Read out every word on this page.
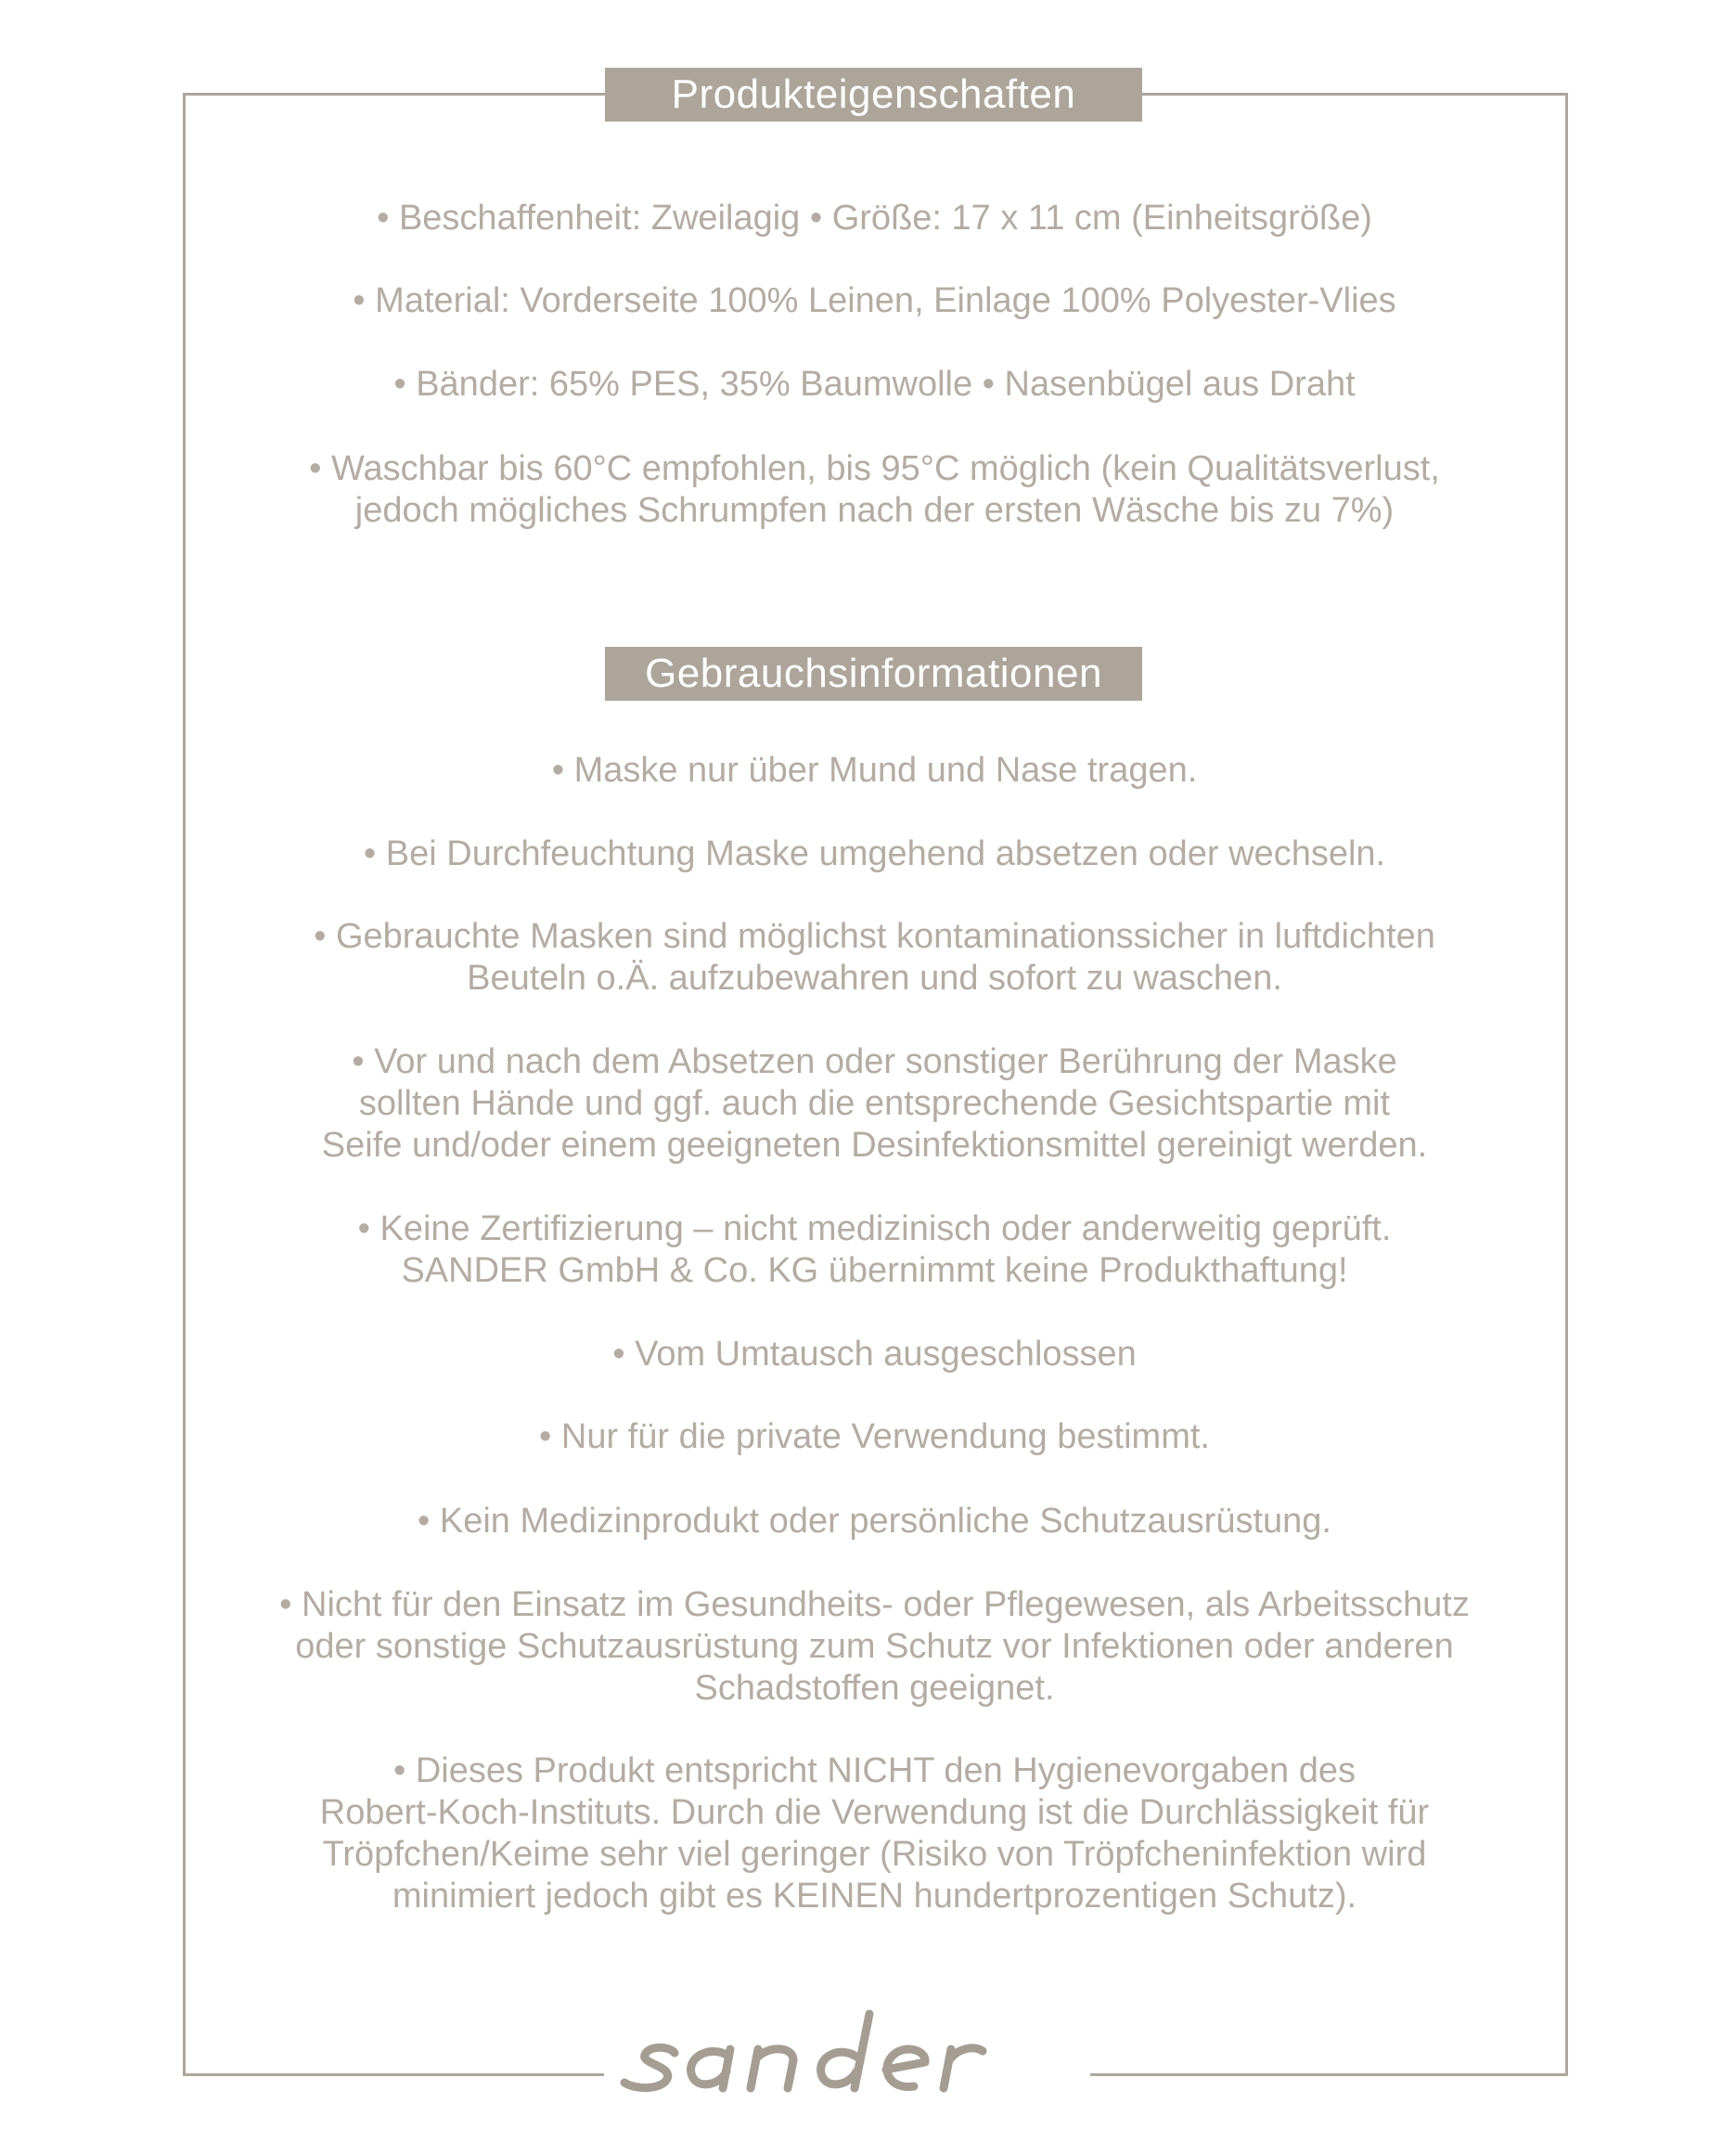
Produkteigenschaften

• Beschaffenheit: Zweilagig • Größe: 17 x 11 cm (Einheitsgröße)

• Material: Vorderseite 100% Leinen, Einlage 100% Polyester-Vlies

• Bänder: 65% PES, 35% Baumwolle • Nasenbügel aus Draht

• Waschbar bis 60°C empfohlen, bis 95°C möglich (kein Qualitätsverlust,
jedoch mögliches Schrumpfen nach der ersten Wäsche bis zu 7%)

Gebrauchsinformationen

• Maske nur über Mund und Nase tragen.

• Bei Durchfeuchtung Maske umgehend absetzen oder wechseln.

• Gebrauchte Masken sind möglichst kontaminationssicher in luftdichten
Beuteln o.Ä. aufzubewahren und sofort zu waschen.

• Vor und nach dem Absetzen oder sonstiger Berührung der Maske
sollten Hände und ggf. auch die entsprechende Gesichtspartie mit
Seife und/oder einem geeigneten Desinfektionsmittel gereinigt werden.

• Keine Zertifizierung – nicht medizinisch oder anderweitig geprüft.
SANDER GmbH & Co. KG übernimmt keine Produkthaftung!

• Vom Umtausch ausgeschlossen

• Nur für die private Verwendung bestimmt.

• Kein Medizinprodukt oder persönliche Schutzausrüstung.

• Nicht für den Einsatz im Gesundheits- oder Pflegewesen, als Arbeitsschutz
oder sonstige Schutzausrüstung zum Schutz vor Infektionen oder anderen
Schadstoffen geeignet.

• Dieses Produkt entspricht NICHT den Hygienevorgaben des
Robert-Koch-Instituts. Durch die Verwendung ist die Durchlässigkeit für
Tröpfchen/Keime sehr viel geringer (Risiko von Tröpfcheninfektion wird
minimiert jedoch gibt es KEINEN hundertprozentigen Schutz).
